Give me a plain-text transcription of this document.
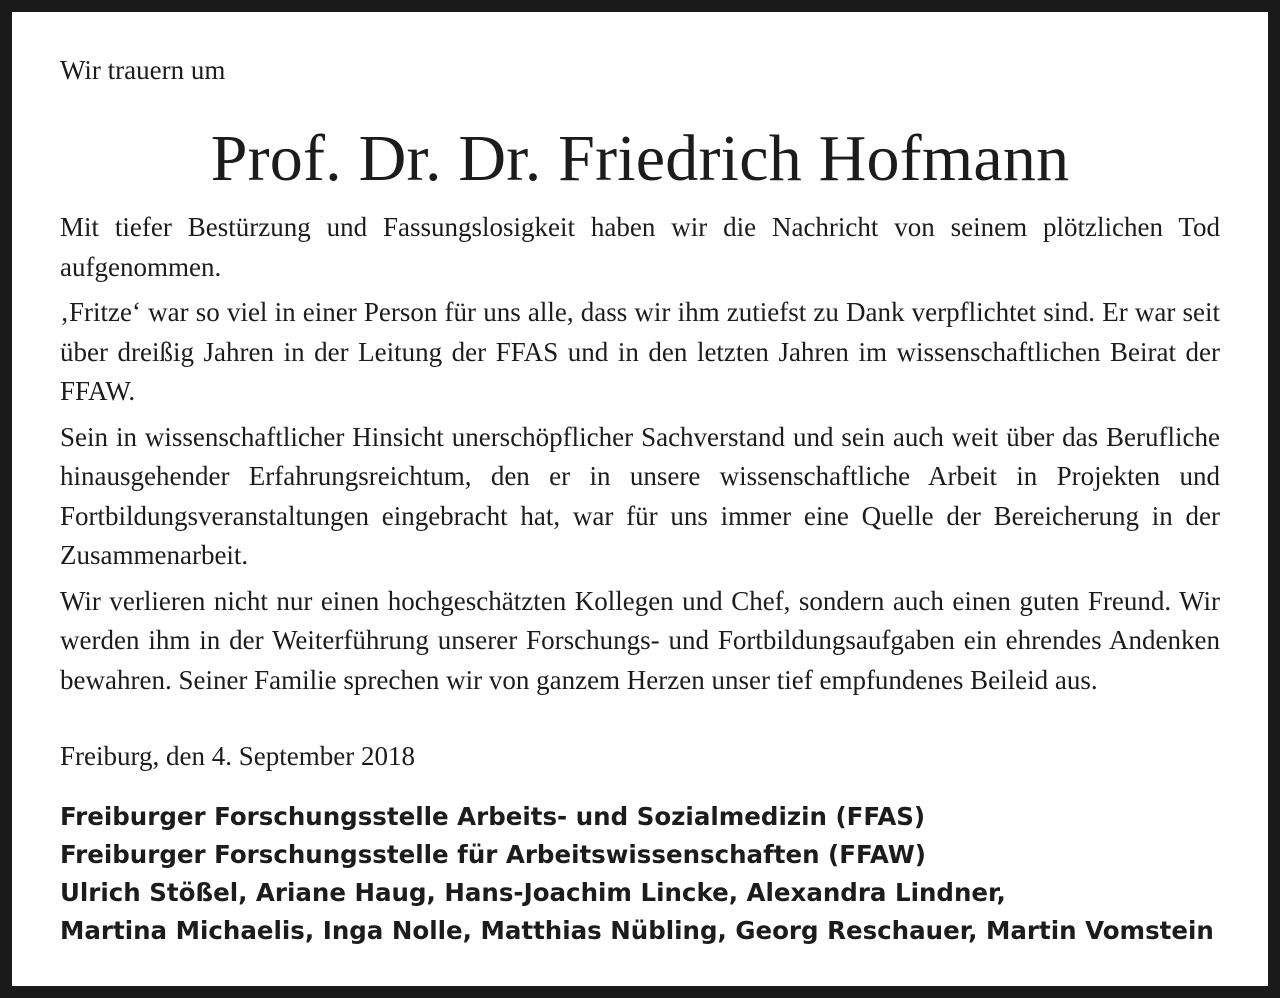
Wir trauern um
Prof. Dr. Dr. Friedrich Hofmann

Mit tiefer Bestürzung und Fassungslosigkeit haben wir die Nachricht von seinem plötzlichen Tod aufgenommen.

‚Fritze‘ war so viel in einer Person für uns alle, dass wir ihm zutiefst zu Dank verpflichtet sind. Er war seit über dreißig Jahren in der Leitung der FFAS und in den letzten Jahren im wissenschaftlichen Beirat der FFAW.

Sein in wissenschaftlicher Hinsicht unerschöpflicher Sachverstand und sein auch weit über das Berufliche hinausgehender Erfahrungsreichtum, den er in unsere wissenschaftliche Arbeit in Projekten und Fortbildungsveranstaltungen eingebracht hat, war für uns immer eine Quelle der Bereicherung in der Zusammenarbeit.

Wir verlieren nicht nur einen hochgeschätzten Kollegen und Chef, sondern auch einen guten Freund. Wir werden ihm in der Weiterführung unserer Forschungs- und Fortbildungsaufgaben ein ehrendes Andenken bewahren. Seiner Familie sprechen wir von ganzem Herzen unser tief empfundenes Beileid aus.

Freiburg, den 4. September 2018
Freiburger Forschungsstelle Arbeits- und Sozialmedizin (FFAS)
Freiburger Forschungsstelle für Arbeitswissenschaften (FFAW)
Ulrich Stößel, Ariane Haug, Hans-Joachim Lincke, Alexandra Lindner,
Martina Michaelis, Inga Nolle, Matthias Nübling, Georg Reschauer, Martin Vomstein
